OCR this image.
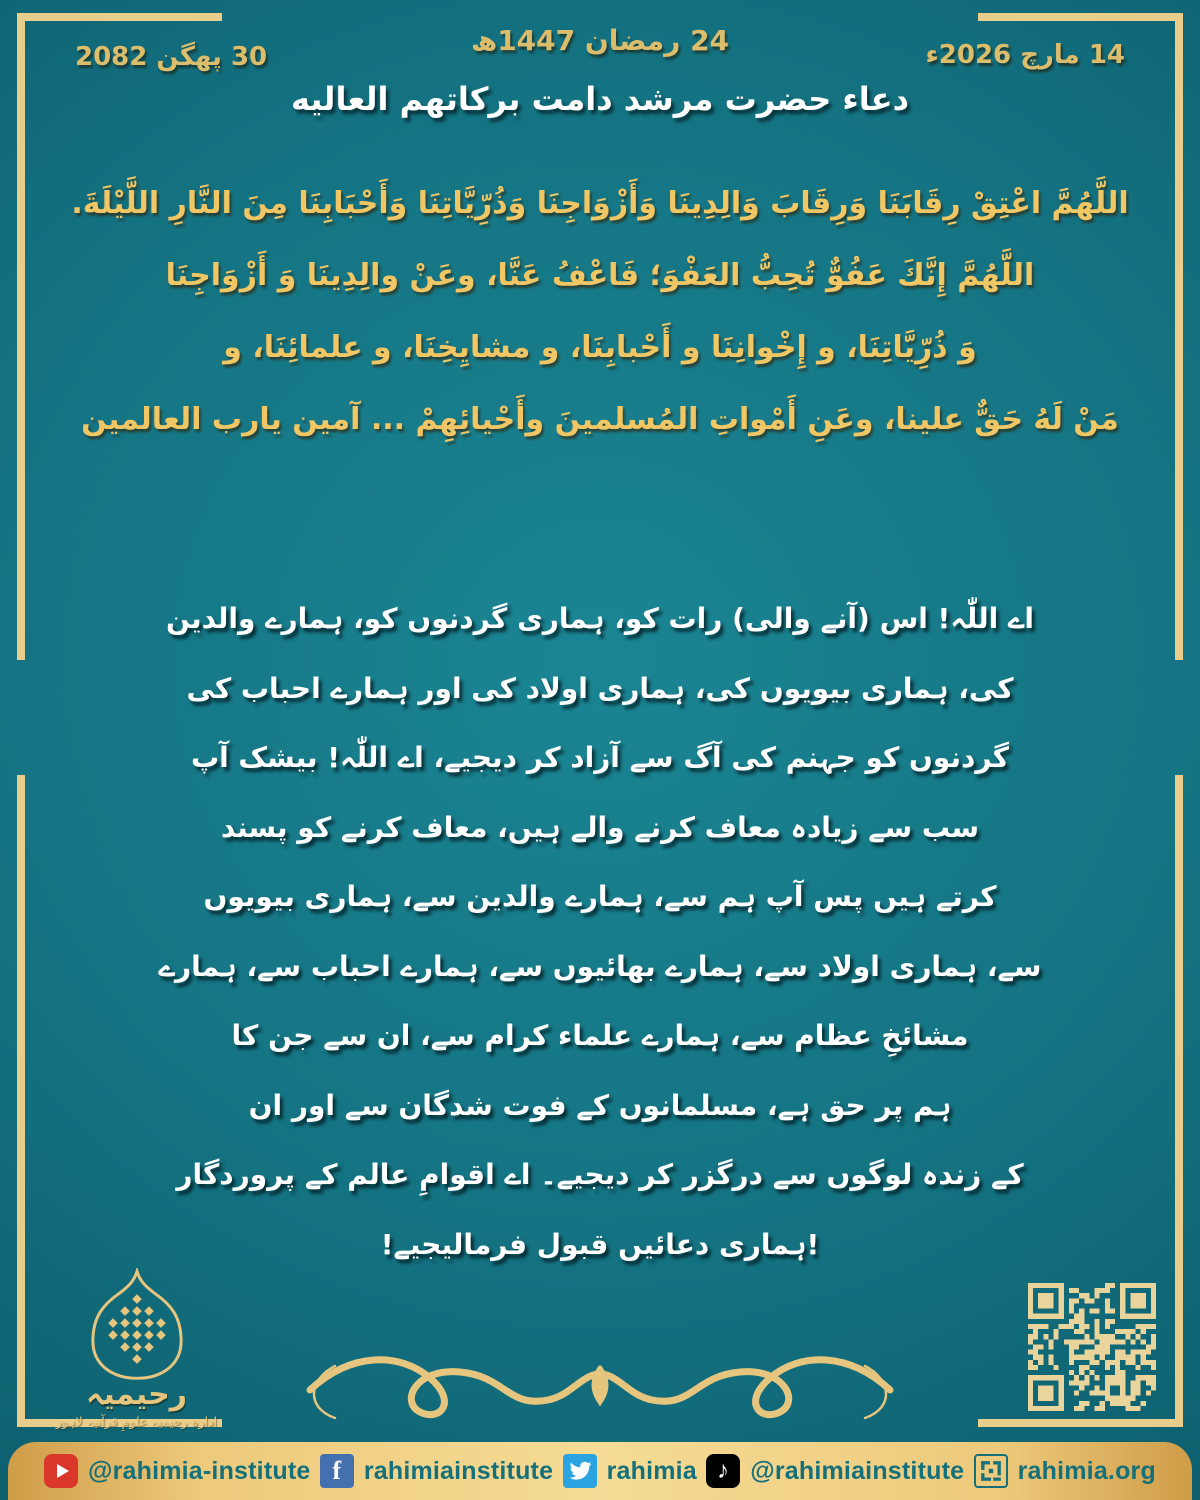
30 پھگن 2082	24 رمضان 1447ھ	14 مارچ 2026ء
دعاء حضرت مرشد دامت برکاتهم العالیه
اللَّهُمَّ اعْتِقْ رِقَابَنَا وَرِقَابَ وَالِدِينَا وَأَزْوَاجِنَا وَذُرِّيَّاتِنَا وَأَحْبَابِنَا مِنَ النَّارِ اللَّيْلَةَ.
اللَّهُمَّ إِنَّكَ عَفُوٌّ تُحِبُّ العَفْوَ؛ فَاعْفُ عَنَّا، وعَنْ والِدِينَا وَ أَزْوَاجِنَا
وَ ذُرِّيَّاتِنَا، و إِخْوانِنَا و أَحْبابِنَا، و مشايِخِنَا، و علمائِنَا، و
مَنْ لَهُ حَقٌّ علينا، وعَنِ أَمْواتِ المُسلمينَ وأَحْيائِهِمْ ... آمين يارب العالمين
اے اللّٰہ! اس (آنے والی) رات کو، ہماری گردنوں کو، ہمارے والدین
کی، ہماری بیویوں کی، ہماری اولاد کی اور ہمارے احباب کی
گردنوں کو جہنم کی آگ سے آزاد کر دیجیے، اے اللّٰہ! بیشک آپ
سب سے زیادہ معاف کرنے والے ہیں، معاف کرنے کو پسند
کرتے ہیں پس آپ ہم سے، ہمارے والدین سے، ہماری بیویوں
سے، ہماری اولاد سے، ہمارے بھائیوں سے، ہمارے احباب سے، ہمارے
مشائخِ عظام سے، ہمارے علماء کرام سے، ان سے جن کا
ہم پر حق ہے، مسلمانوں کے فوت شدگان سے اور ان
کے زندہ لوگوں سے درگزر کر دیجیے۔ اے اقوامِ عالم کے پروردگار
!ہماری دعائیں قبول فرمالیجیے!
رحیمیہ
ادارہ رحیمیہ علومِ قرآنیہ لاہور
@rahimia-institute f rahimiainstitute rahimia ♪ @rahimiainstitute rahimia.org
